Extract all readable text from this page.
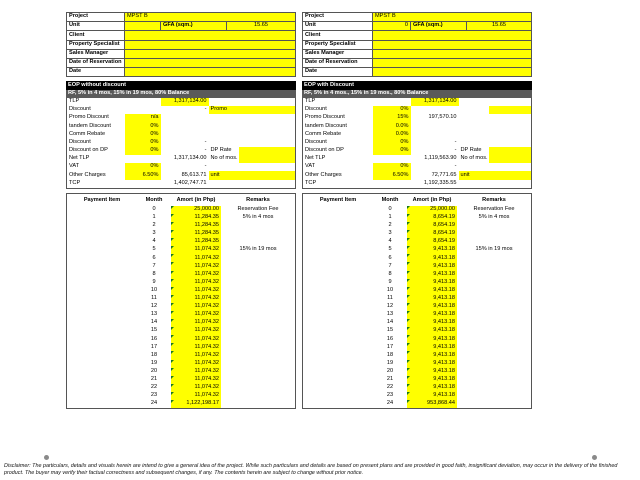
Project	MPST B		
Unit		GFA (sqm.)	15.65
Client			
Property Specialist			
Sales Manager			
Date of Reservation			
Date			
EOP without discount
RF, 5% in 4 mos, 15% in 19 mos, 80% Balance
TLP		1,317,134.00		
Discount		-	Promo	
Promo Discount	n/a			
tandem Discount	0%			
Comm Rebate	0%			
Discount	0%	-		
Discount on DP	0%	-	DP Rate	
Net TLP		1,317,134.00	No of mos.	
VAT	0%	-		
Other Charges	6.50%	85,613.71	unit	
TCP		1,402,747.71		
Payment Item	Month	Amort (in Php)	Remarks
	0	25,000.00	Reservation Fee
	1	11,284.35	5% in 4 mos
	2	11,284.35	
	3	11,284.35	
	4	11,284.35	
	5	11,074.32	15% in 19 mos
	6	11,074.32	
	7	11,074.32	
	8	11,074.32	
	9	11,074.32	
	10	11,074.32	
	11	11,074.32	
	12	11,074.32	
	13	11,074.32	
	14	11,074.32	
	15	11,074.32	
	16	11,074.32	
	17	11,074.32	
	18	11,074.32	
	19	11,074.32	
	20	11,074.32	
	21	11,074.32	
	22	11,074.32	
	23	11,074.32	
	24	1,122,198.17	
Project	MPST B		
Unit	0	GFA (sqm.)	15.65
Client			
Property Specialist			
Sales Manager			
Date of Reservation			
Date			
EOP with Discount
RF, 5% in 4 mos., 15% in 19 mos., 80% Balance
TLP		1,317,134.00		
Discount	0%			
Promo Discount	15%	197,570.10		
tandem Discount	0.0%			
Comm Rebate	0.0%			
Discount	0%	-		
Discount on DP	0%	-	DP Rate	
Net TLP		1,119,563.90	No of mos.	
VAT	0%	-		
Other Charges	6.50%	72,771.65	unit	
TCP		1,192,335.55		
Payment Item	Month	Amort (in Php)	Remarks
	0	25,000.00	Reservation Fee
	1	8,654.19	5% in 4 mos
	2	8,654.19	
	3	8,654.19	
	4	8,654.19	
	5	9,413.18	15% in 19 mos
	6	9,413.18	
	7	9,413.18	
	8	9,413.18	
	9	9,413.18	
	10	9,413.18	
	11	9,413.18	
	12	9,413.18	
	13	9,413.18	
	14	9,413.18	
	15	9,413.18	
	16	9,413.18	
	17	9,413.18	
	18	9,413.18	
	19	9,413.18	
	20	9,413.18	
	21	9,413.18	
	22	9,413.18	
	23	9,413.18	
	24	953,868.44	
Disclaimer: The particulars, details and visuals herein are intend to give a general idea of the project. While such particulars and details are based on present plans and are provided in good faith, insignificant deviation, may occur in the delivery of the finished product. The buyer may verify their factual correctness and subsequent changes, if any. The contents herein are subject to change without prior notice.
